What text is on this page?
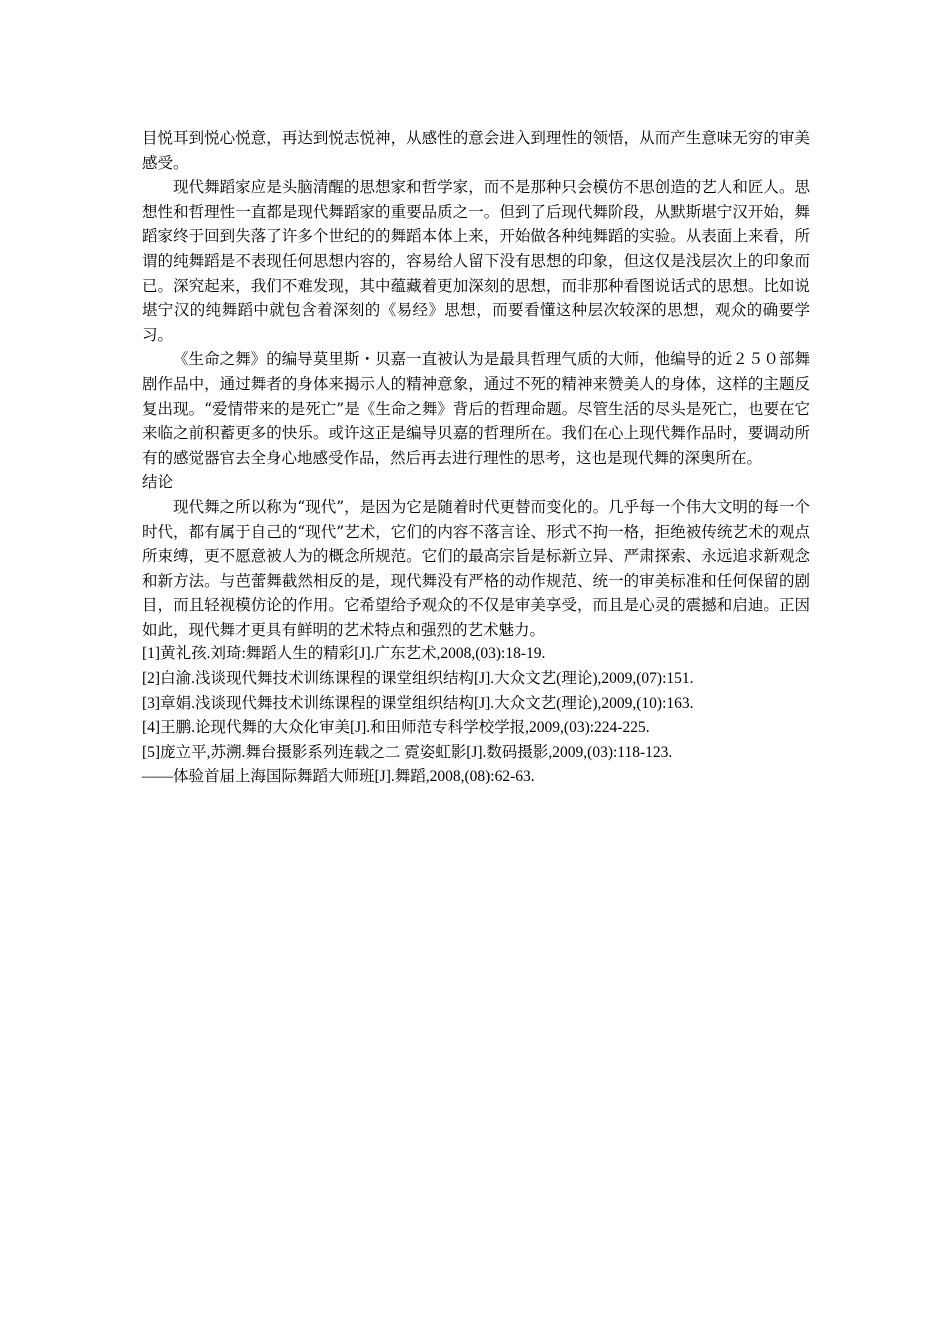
目悦耳到悦心悦意，再达到悦志悦神，从感性的意会进入到理性的领悟，从而产生意味无穷的审美感受。

现代舞蹈家应是头脑清醒的思想家和哲学家，而不是那种只会模仿不思创造的艺人和匠人。思想性和哲理性一直都是现代舞蹈家的重要品质之一。但到了后现代舞阶段，从默斯堪宁汉开始，舞蹈家终于回到失落了许多个世纪的的舞蹈本体上来，开始做各种纯舞蹈的实验。从表面上来看，所谓的纯舞蹈是不表现任何思想内容的，容易给人留下没有思想的印象，但这仅是浅层次上的印象而已。深究起来，我们不难发现，其中蕴藏着更加深刻的思想，而非那种看图说话式的思想。比如说堪宁汉的纯舞蹈中就包含着深刻的《易经》思想，而要看懂这种层次较深的思想，观众的确要学习。

《生命之舞》的编导莫里斯・贝嘉一直被认为是最具哲理气质的大师，他编导的近２５０部舞剧作品中，通过舞者的身体来揭示人的精神意象，通过不死的精神来赞美人的身体，这样的主题反复出现。“爱情带来的是死亡”是《生命之舞》背后的哲理命题。尽管生活的尽头是死亡，也要在它来临之前积蓄更多的快乐。或许这正是编导贝嘉的哲理所在。我们在心上现代舞作品时，要调动所有的感觉器官去全身心地感受作品，然后再去进行理性的思考，这也是现代舞的深奥所在。

结论

现代舞之所以称为“现代”，是因为它是随着时代更替而变化的。几乎每一个伟大文明的每一个时代，都有属于自己的“现代”艺术，它们的内容不落言诠、形式不拘一格，拒绝被传统艺术的观点所束缚，更不愿意被人为的概念所规范。它们的最高宗旨是标新立异、严肃探索、永远追求新观念和新方法。与芭蕾舞截然相反的是，现代舞没有严格的动作规范、统一的审美标准和任何保留的剧目，而且轻视模仿论的作用。它希望给予观众的不仅是审美享受，而且是心灵的震撼和启迪。正因如此，现代舞才更具有鲜明的艺术特点和强烈的艺术魅力。

[1]黄礼孩.刘琦:舞蹈人生的精彩[J].广东艺术,2008,(03):18-19.
[2]白渝.浅谈现代舞技术训练课程的课堂组织结构[J].大众文艺(理论),2009,(07):151.
[3]章娟.浅谈现代舞技术训练课程的课堂组织结构[J].大众文艺(理论),2009,(10):163.
[4]王鹏.论现代舞的大众化审美[J].和田师范专科学校学报,2009,(03):224-225.
[5]庞立平,苏溯.舞台摄影系列连载之二 霓姿虹影[J].数码摄影,2009,(03):118-123.
——体验首届上海国际舞蹈大师班[J].舞蹈,2008,(08):62-63.
